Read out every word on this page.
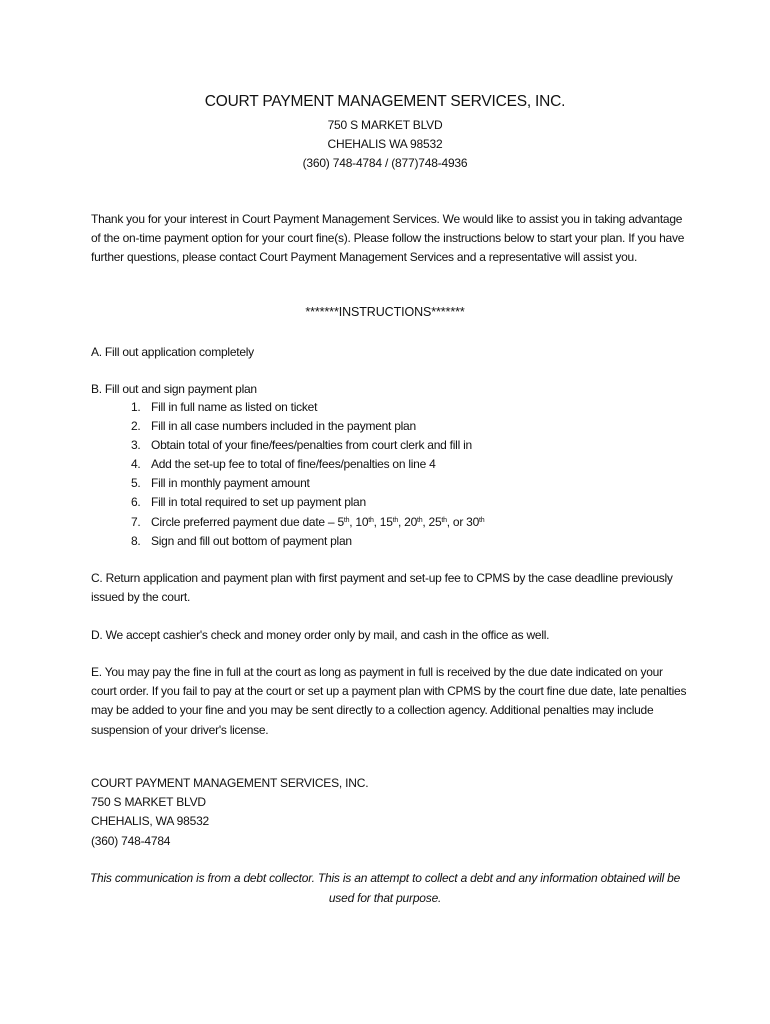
COURT PAYMENT MANAGEMENT SERVICES, INC.
750 S MARKET BLVD
CHEHALIS WA 98532
(360) 748-4784 / (877)748-4936
Thank you for your interest in Court Payment Management Services. We would like to assist you in taking advantage of the on-time payment option for your court fine(s). Please follow the instructions below to start your plan. If you have further questions, please contact Court Payment Management Services and a representative will assist you.
*******INSTRUCTIONS*******
A. Fill out application completely
B. Fill out and sign payment plan
1. Fill in full name as listed on ticket
2. Fill in all case numbers included in the payment plan
3. Obtain total of your fine/fees/penalties from court clerk and fill in
4. Add the set-up fee to total of fine/fees/penalties on line 4
5. Fill in monthly payment amount
6. Fill in total required to set up payment plan
7. Circle preferred payment due date – 5th, 10th, 15th, 20th, 25th, or 30th
8. Sign and fill out bottom of payment plan
C. Return application and payment plan with first payment and set-up fee to CPMS by the case deadline previously issued by the court.
D. We accept cashier's check and money order only by mail, and cash in the office as well.
E. You may pay the fine in full at the court as long as payment in full is received by the due date indicated on your court order. If you fail to pay at the court or set up a payment plan with CPMS by the court fine due date, late penalties may be added to your fine and you may be sent directly to a collection agency. Additional penalties may include suspension of your driver's license.
COURT PAYMENT MANAGEMENT SERVICES, INC.
750 S MARKET BLVD
CHEHALIS, WA 98532
(360) 748-4784
This communication is from a debt collector. This is an attempt to collect a debt and any information obtained will be used for that purpose.
